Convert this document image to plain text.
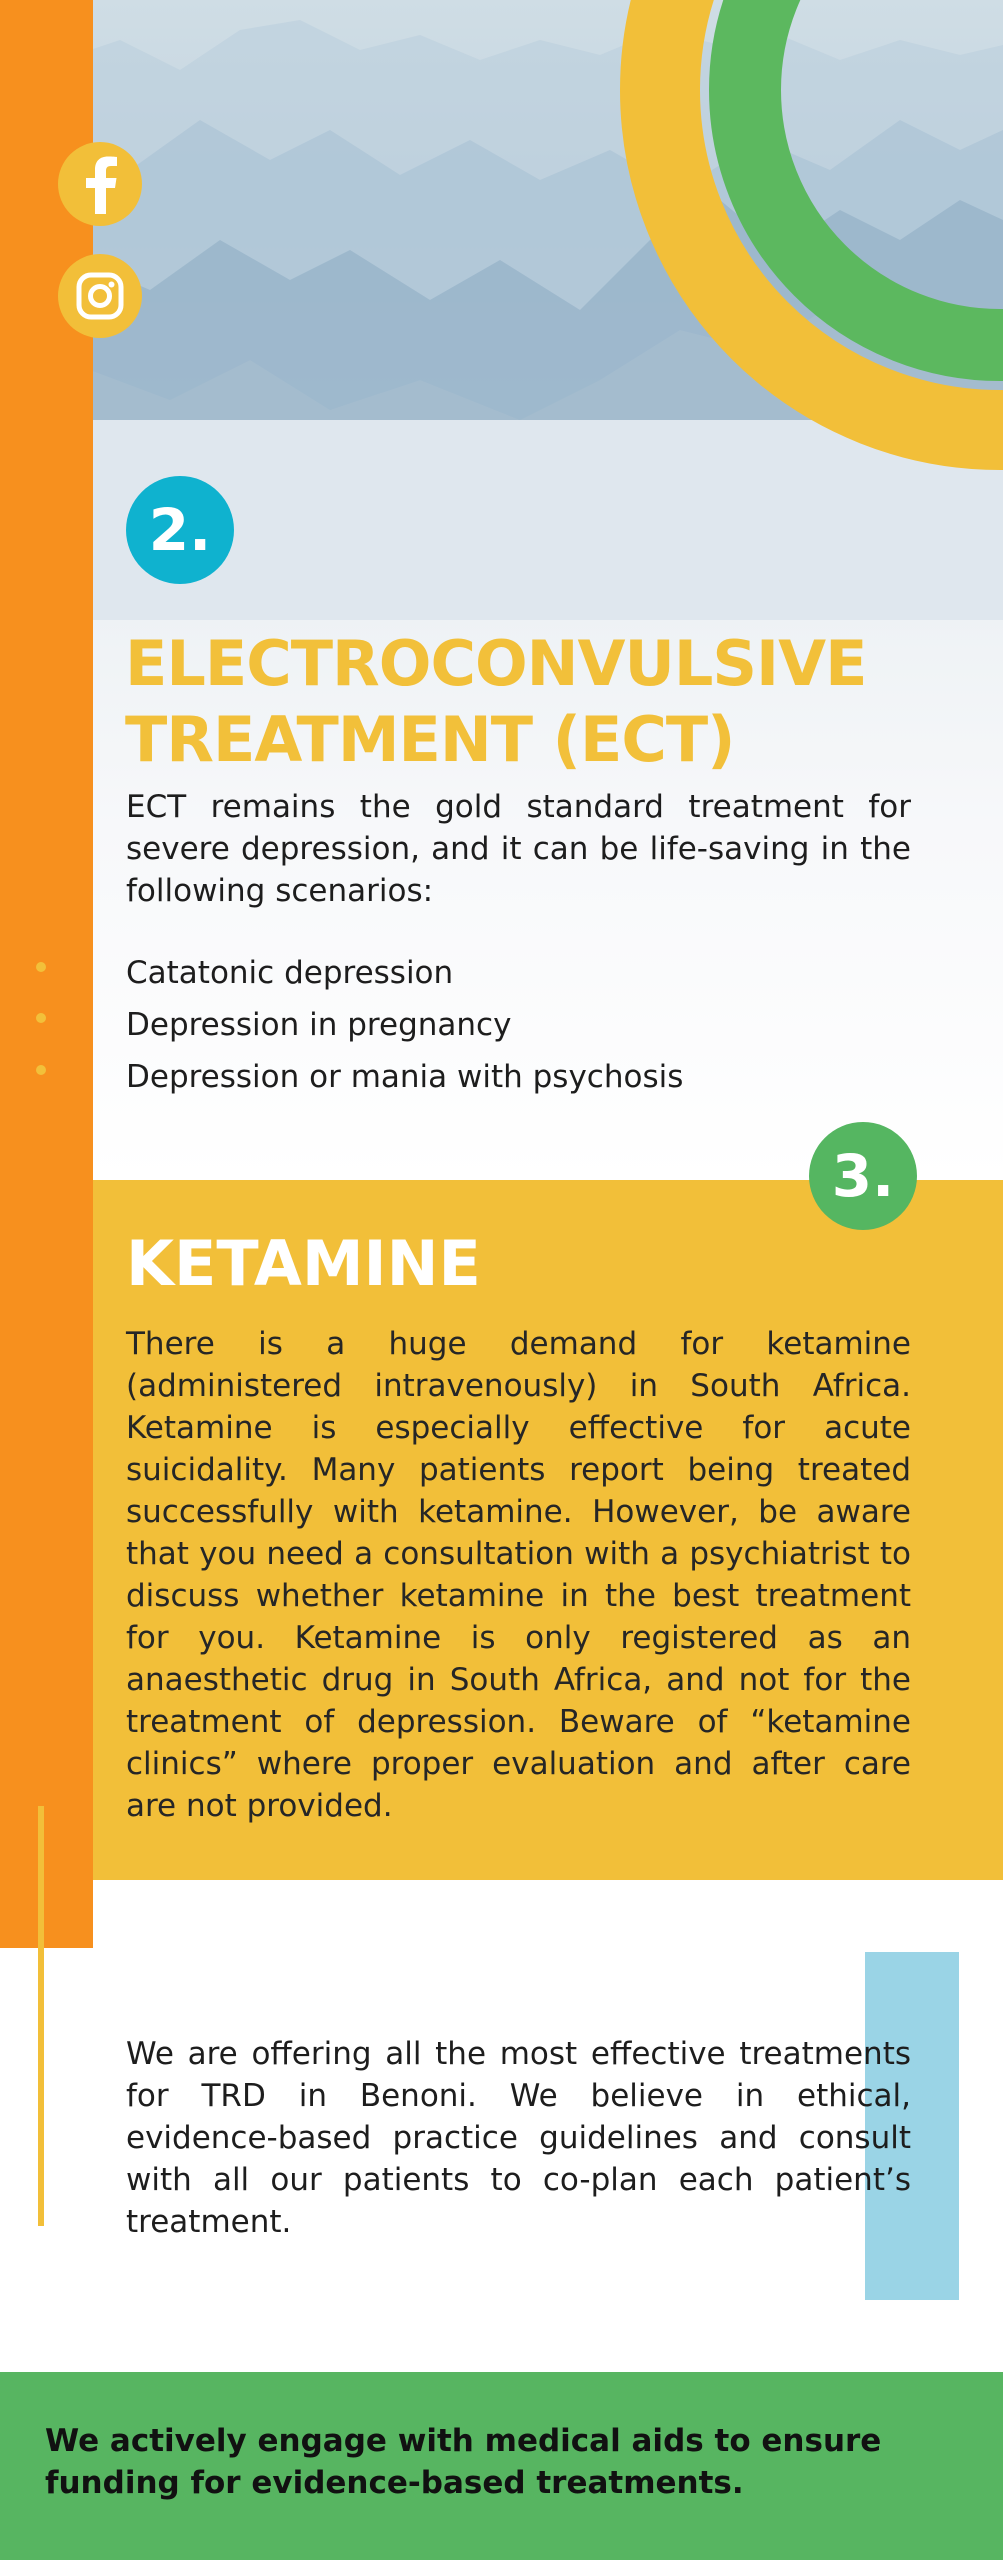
2.
ELECTROCONVULSIVE
TREATMENT (ECT)
ECT remains the gold standard treatment for severe depression, and it can be life-saving in the following scenarios:
Catatonic depression
Depression in pregnancy
Depression or mania with psychosis
3.
KETAMINE
There is a huge demand for ketamine (administered intravenously) in South Africa. Ketamine is especially effective for acute suicidality. Many patients report being treated successfully with ketamine. However, be aware that you need a consultation with a psychiatrist to discuss whether ketamine in the best treatment for you. Ketamine is only registered as an anaesthetic drug in South Africa, and not for the treatment of depression. Beware of “ketamine clinics” where proper evaluation and after care are not provided.
We are offering all the most effective treatments for TRD in Benoni. We believe in ethical, evidence-based practice guidelines and consult with all our patients to co-plan each patient’s treatment.
We actively engage with medical aids to ensure funding for evidence-based treatments.
